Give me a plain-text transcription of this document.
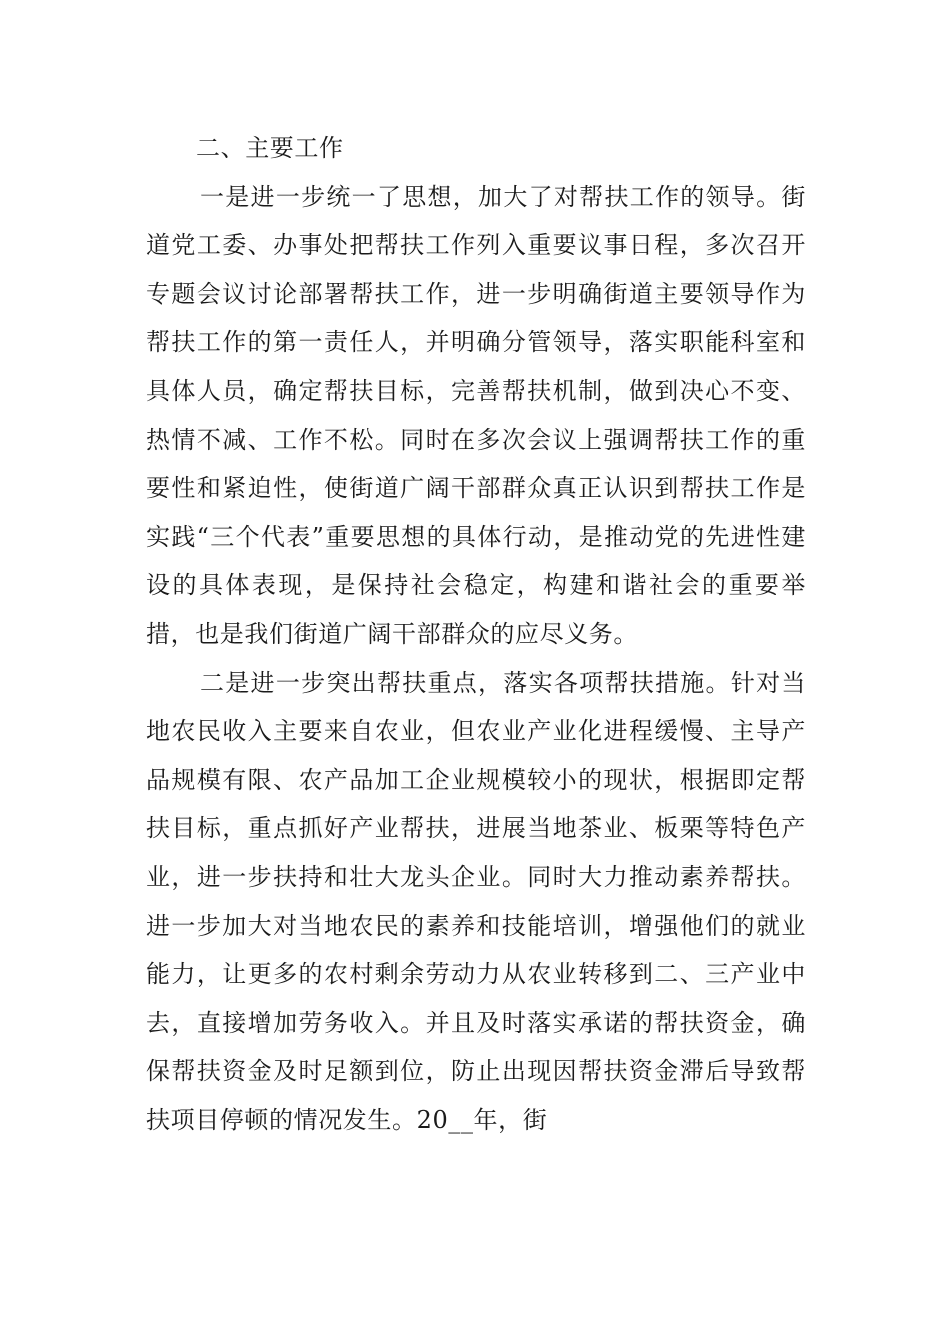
二、主要工作

一是进一步统一了思想，加大了对帮扶工作的领导。街道党工委、办事处把帮扶工作列入重要议事日程，多次召开专题会议讨论部署帮扶工作，进一步明确街道主要领导作为帮扶工作的第一责任人，并明确分管领导，落实职能科室和具体人员，确定帮扶目标，完善帮扶机制，做到决心不变、热情不减、工作不松。同时在多次会议上强调帮扶工作的重要性和紧迫性，使街道广阔干部群众真正认识到帮扶工作是实践“三个代表”重要思想的具体行动，是推动党的先进性建设的具体表现，是保持社会稳定，构建和谐社会的重要举措，也是我们街道广阔干部群众的应尽义务。

二是进一步突出帮扶重点，落实各项帮扶措施。针对当地农民收入主要来自农业，但农业产业化进程缓慢、主导产品规模有限、农产品加工企业规模较小的现状，根据即定帮扶目标，重点抓好产业帮扶，进展当地茶业、板栗等特色产业，进一步扶持和壮大龙头企业。同时大力推动素养帮扶。进一步加大对当地农民的素养和技能培训，增强他们的就业能力，让更多的农村剩余劳动力从农业转移到二、三产业中去，直接增加劳务收入。并且及时落实承诺的帮扶资金，确保帮扶资金及时足额到位，防止出现因帮扶资金滞后导致帮扶项目停顿的情况发生。20__年，街
